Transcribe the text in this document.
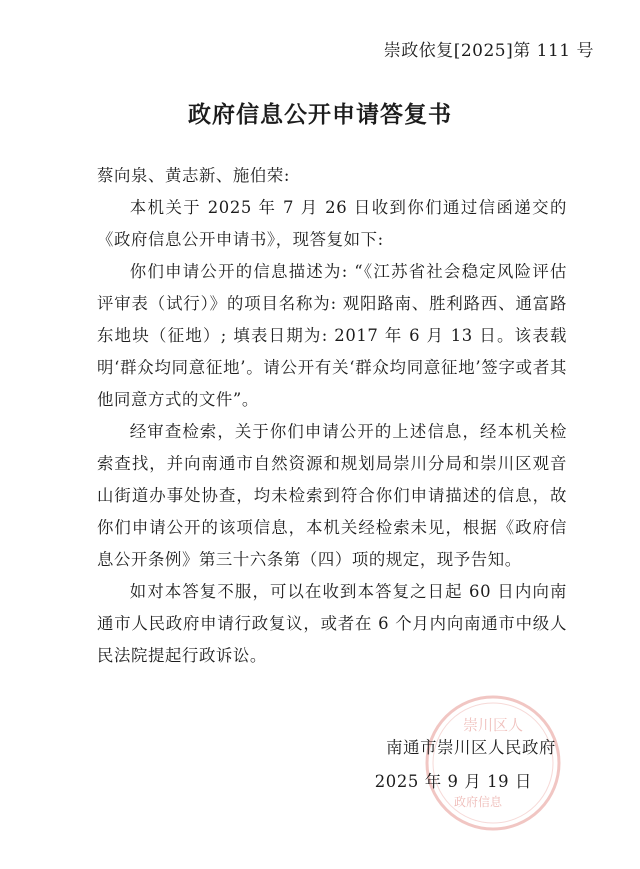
崇政依复[2025]第 111 号
政府信息公开申请答复书

蔡向泉、黄志新、施伯荣:

本机关于 2025 年 7 月 26 日收到你们通过信函递交的《政府信息公开申请书》，现答复如下:

你们申请公开的信息描述为: “《江苏省社会稳定风险评估评审表（试行）》的项目名称为: 观阳路南、胜利路西、通富路东地块（征地）; 填表日期为: 2017 年 6 月 13 日。该表载明‘群众均同意征地’。请公开有关‘群众均同意征地’签字或者其他同意方式的文件”。

经审查检索，关于你们申请公开的上述信息，经本机关检索查找，并向南通市自然资源和规划局崇川分局和崇川区观音山街道办事处协查，均未检索到符合你们申请描述的信息，故你们申请公开的该项信息，本机关经检索未见，根据《政府信息公开条例》第三十六条第（四）项的规定，现予告知。

如对本答复不服，可以在收到本答复之日起 60 日内向南通市人民政府申请行政复议，或者在 6 个月内向南通市中级人民法院提起行政诉讼。

崇川区人
政府信息
南通市崇川区人民政府
2025 年 9 月 19 日
